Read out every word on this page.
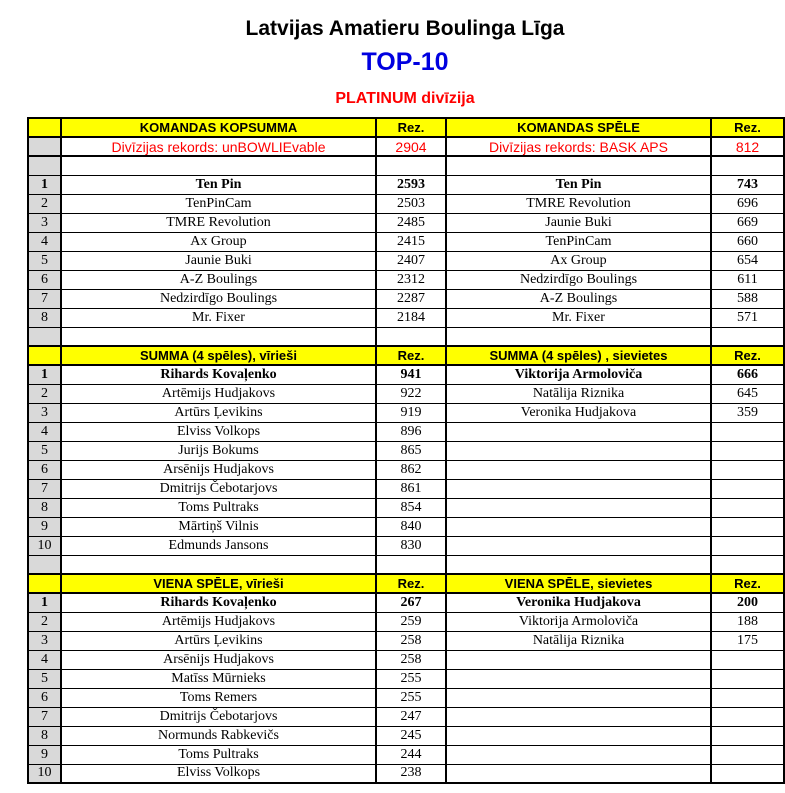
Latvijas Amatieru Boulinga Līga
TOP-10
PLATINUM divīzija
	KOMANDAS KOPSUMMA	Rez.	KOMANDAS SPĒLE	Rez.
	Divīzijas rekords: unBOWLIEvable	2904	Divīzijas rekords: BASK APS	812

1	Ten Pin	2593	Ten Pin	743
2	TenPinCam	2503	TMRE Revolution	696
3	TMRE Revolution	2485	Jaunie Buki	669
4	Ax Group	2415	TenPinCam	660
5	Jaunie Buki	2407	Ax Group	654
6	A-Z Boulings	2312	Nedzirdīgo Boulings	611
7	Nedzirdīgo Boulings	2287	A-Z Boulings	588
8	Mr. Fixer	2184	Mr. Fixer	571

	SUMMA (4 spēles), vīrieši	Rez.	SUMMA (4 spēles) , sievietes	Rez.
1	Rihards Kovaļenko	941	Viktorija Armoloviča	666
2	Artēmijs Hudjakovs	922	Natālija Riznika	645
3	Artūrs Ļevikins	919	Veronika Hudjakova	359
4	Elviss Volkops	896		
5	Jurijs Bokums	865		
6	Arsēnijs Hudjakovs	862		
7	Dmitrijs Čebotarjovs	861		
8	Toms Pultraks	854		
9	Mārtiņš Vilnis	840		
10	Edmunds Jansons	830		

	VIENA SPĒLE, vīrieši	Rez.	VIENA SPĒLE, sievietes	Rez.
1	Rihards Kovaļenko	267	Veronika Hudjakova	200
2	Artēmijs Hudjakovs	259	Viktorija Armoloviča	188
3	Artūrs Ļevikins	258	Natālija Riznika	175
4	Arsēnijs Hudjakovs	258		
5	Matīss Mūrnieks	255		
6	Toms Remers	255		
7	Dmitrijs Čebotarjovs	247		
8	Normunds Rabkevičs	245		
9	Toms Pultraks	244		
10	Elviss Volkops	238		
